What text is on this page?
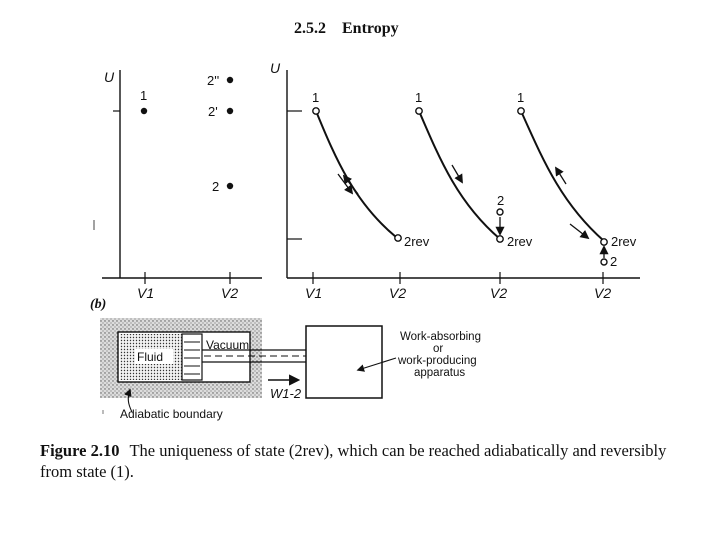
2.5.2 Entropy
U
V1	V2
1
2''
2'
2
U
V1	V2
1
2rev
V2
1
2
2rev
V2
1
2rev
2
(b)
Vacuum
Fluid
Work-absorbing
or
work-producing
apparatus
W1-2
Adiabatic boundary
Figure 2.10 The uniqueness of state (2rev), which can be reached adiabatically and reversibly from state (1).
